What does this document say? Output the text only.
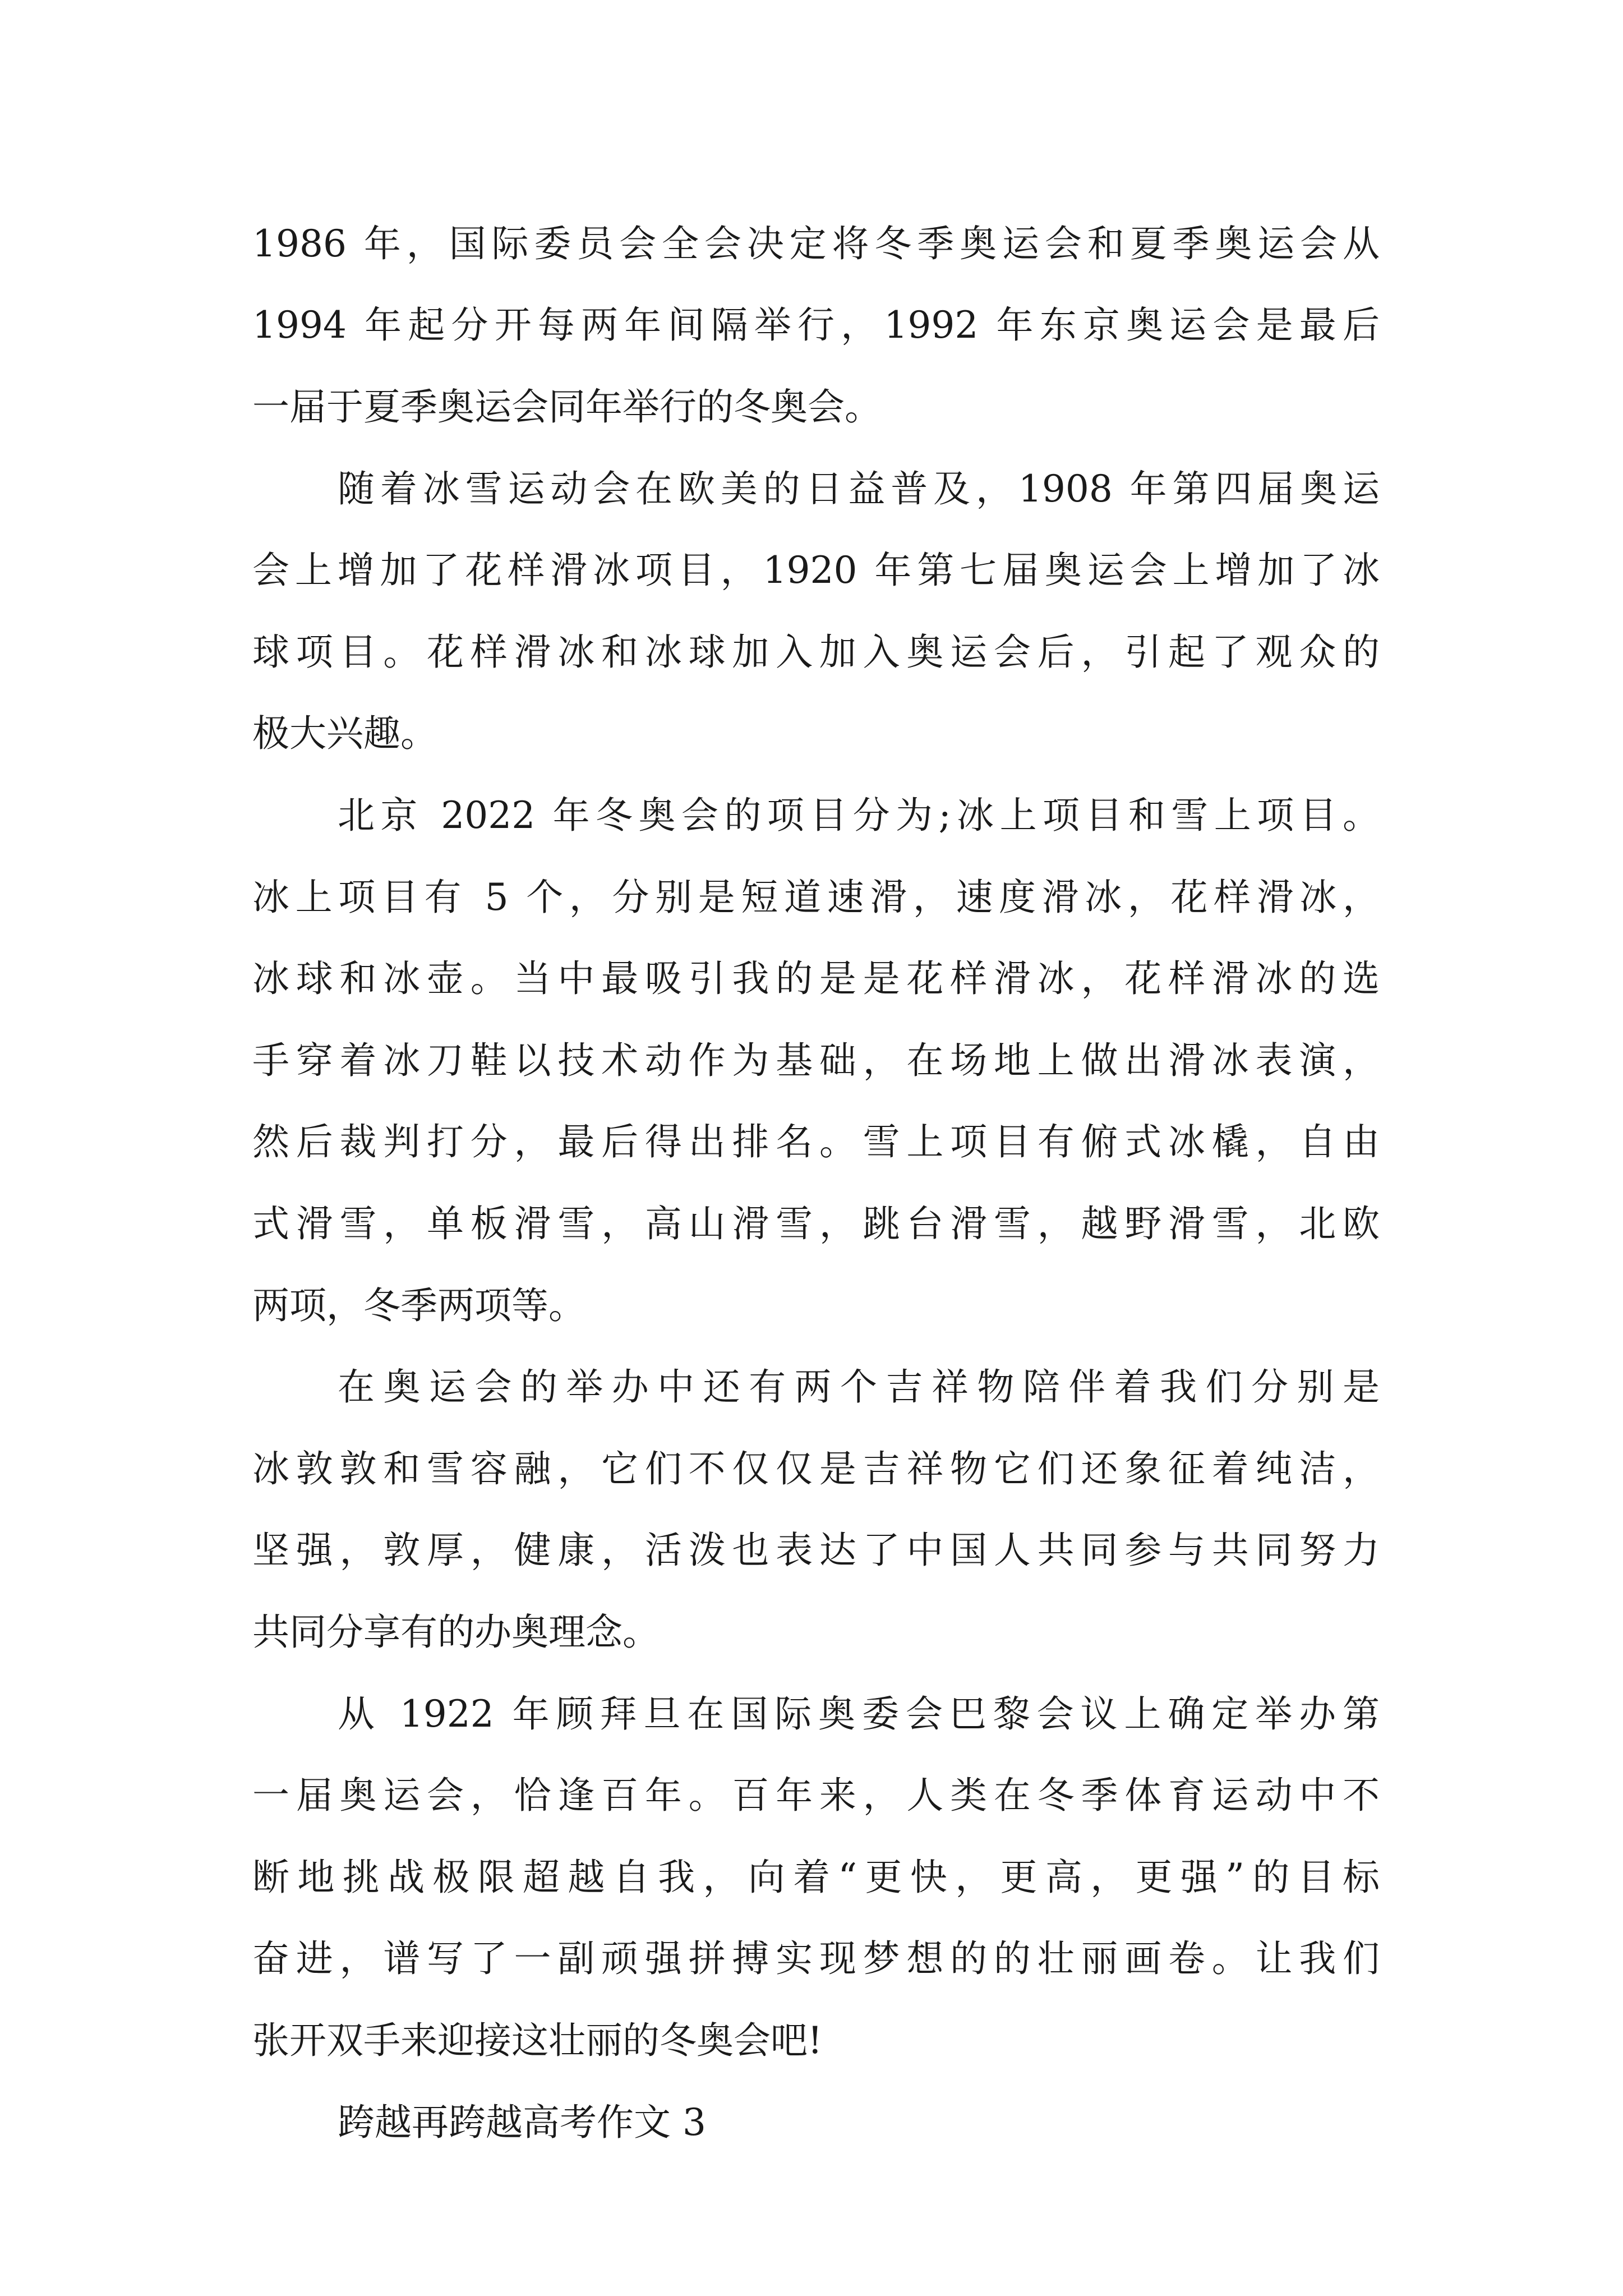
1986 年，国际委员会全会决定将冬季奥运会和夏季奥运会从
1994 年起分开每两年间隔举行，1992 年东京奥运会是最后
一届于夏季奥运会同年举行的冬奥会。
随着冰雪运动会在欧美的日益普及，1908 年第四届奥运
会上增加了花样滑冰项目，1920 年第七届奥运会上增加了冰
球项目。花样滑冰和冰球加入加入奥运会后，引起了观众的
极大兴趣。
北京 2022 年冬奥会的项目分为;冰上项目和雪上项目。
冰上项目有 5 个，分别是短道速滑，速度滑冰，花样滑冰，
冰球和冰壶。当中最吸引我的是是花样滑冰，花样滑冰的选
手穿着冰刀鞋以技术动作为基础，在场地上做出滑冰表演，
然后裁判打分，最后得出排名。雪上项目有俯式冰橇，自由
式滑雪，单板滑雪，高山滑雪，跳台滑雪，越野滑雪，北欧
两项，冬季两项等。
在奥运会的举办中还有两个吉祥物陪伴着我们分别是
冰敦敦和雪容融，它们不仅仅是吉祥物它们还象征着纯洁，
坚强，敦厚，健康，活泼也表达了中国人共同参与共同努力
共同分享有的办奥理念。
从 1922 年顾拜旦在国际奥委会巴黎会议上确定举办第
一届奥运会，恰逢百年。百年来，人类在冬季体育运动中不
断地挑战极限超越自我，向着“更快，更高，更强”的目标
奋进，谱写了一副顽强拼搏实现梦想的的壮丽画卷。让我们
张开双手来迎接这壮丽的冬奥会吧!
跨越再跨越高考作文 3
